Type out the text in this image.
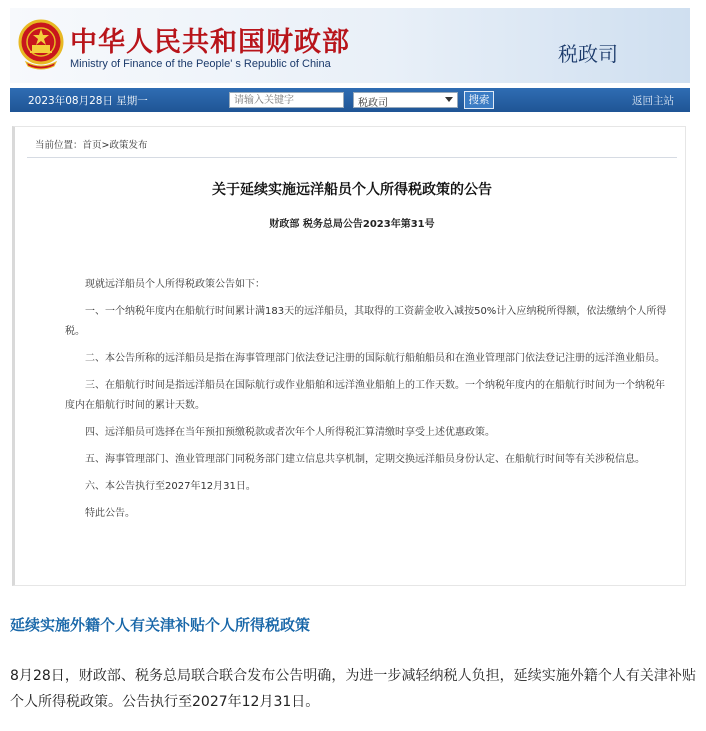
中华人民共和国财政部
Ministry of Finance of the People' s Republic of China	税政司
2023年08月28日 星期一
请输入关键字	税政司	搜索	返回主站
当前位置：首页>政策发布
关于延续实施远洋船员个人所得税政策的公告
财政部 税务总局公告2023年第31号

现就远洋船员个人所得税政策公告如下：

一、一个纳税年度内在船航行时间累计满183天的远洋船员，其取得的工资薪金收入减按50%计入应纳税所得额，依法缴纳个人所得税。

二、本公告所称的远洋船员是指在海事管理部门依法登记注册的国际航行船舶船员和在渔业管理部门依法登记注册的远洋渔业船员。

三、在船航行时间是指远洋船员在国际航行或作业船舶和远洋渔业船舶上的工作天数。一个纳税年度内的在船航行时间为一个纳税年度内在船航行时间的累计天数。

四、远洋船员可选择在当年预扣预缴税款或者次年个人所得税汇算清缴时享受上述优惠政策。

五、海事管理部门、渔业管理部门同税务部门建立信息共享机制，定期交换远洋船员身份认定、在船航行时间等有关涉税信息。

六、本公告执行至2027年12月31日。

特此公告。

延续实施外籍个人有关津补贴个人所得税政策
8月28日，财政部、税务总局联合联合发布公告明确，为进一步减轻纳税人负担，延续实施外籍个人有关津补贴个人所得税政策。公告执行至2027年12月31日。
